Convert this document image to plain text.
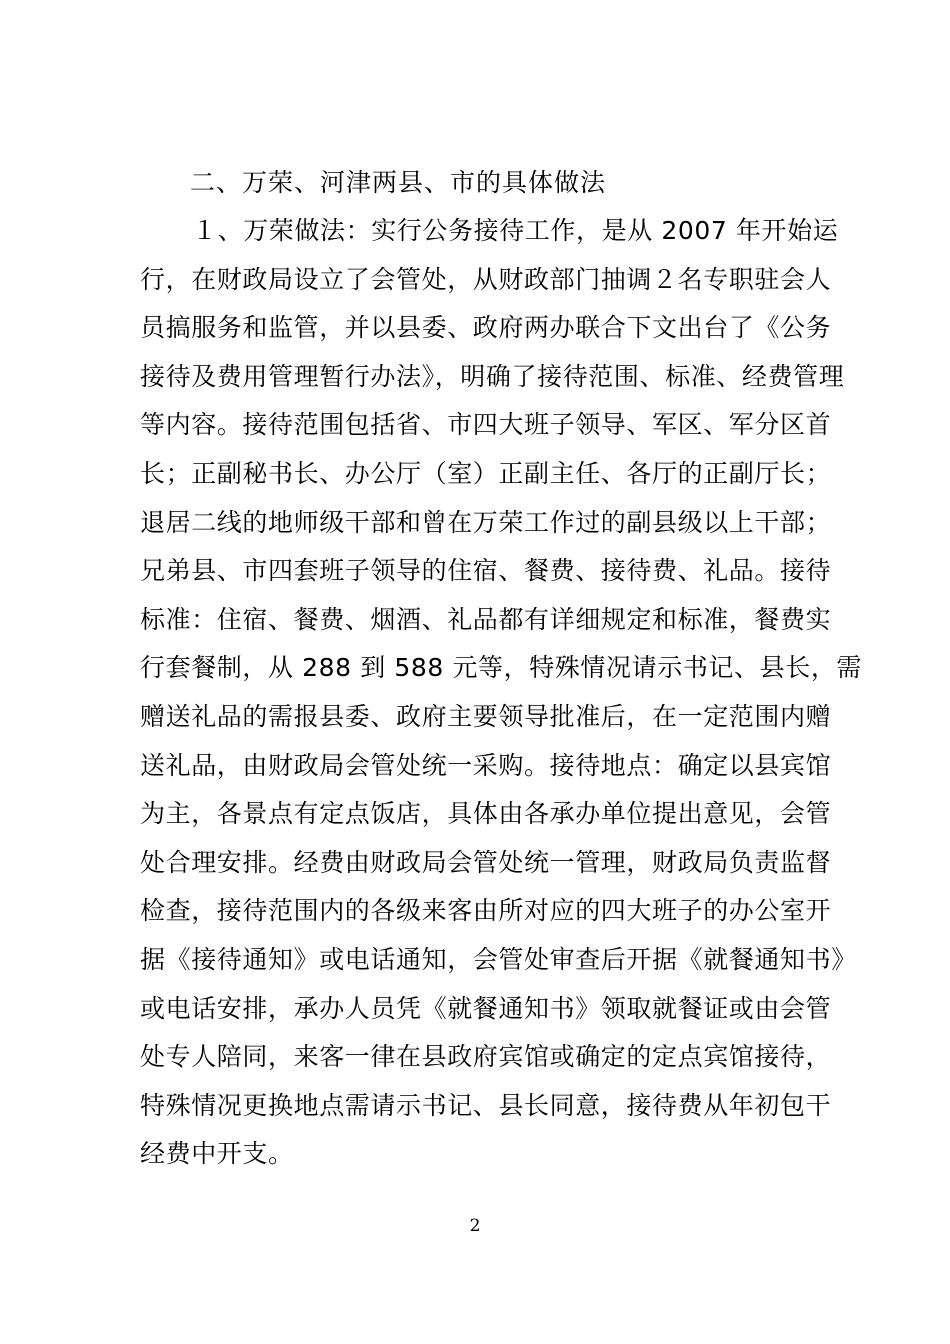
二、万荣、河津两县、市的具体做法
１、万荣做法：实行公务接待工作，是从 2007 年开始运
行，在财政局设立了会管处，从财政部门抽调２名专职驻会人
员搞服务和监管，并以县委、政府两办联合下文出台了《公务
接待及费用管理暂行办法》，明确了接待范围、标准、经费管理
等内容。接待范围包括省、市四大班子领导、军区、军分区首
长；正副秘书长、办公厅（室）正副主任、各厅的正副厅长；
退居二线的地师级干部和曾在万荣工作过的副县级以上干部；
兄弟县、市四套班子领导的住宿、餐费、接待费、礼品。接待
标准：住宿、餐费、烟酒、礼品都有详细规定和标准，餐费实
行套餐制，从 288 到 588 元等，特殊情况请示书记、县长，需
赠送礼品的需报县委、政府主要领导批准后，在一定范围内赠
送礼品，由财政局会管处统一采购。接待地点：确定以县宾馆
为主，各景点有定点饭店，具体由各承办单位提出意见，会管
处合理安排。经费由财政局会管处统一管理，财政局负责监督
检查，接待范围内的各级来客由所对应的四大班子的办公室开
据《接待通知》或电话通知，会管处审查后开据《就餐通知书》
或电话安排，承办人员凭《就餐通知书》领取就餐证或由会管
处专人陪同，来客一律在县政府宾馆或确定的定点宾馆接待，
特殊情况更换地点需请示书记、县长同意，接待费从年初包干
经费中开支。
2
